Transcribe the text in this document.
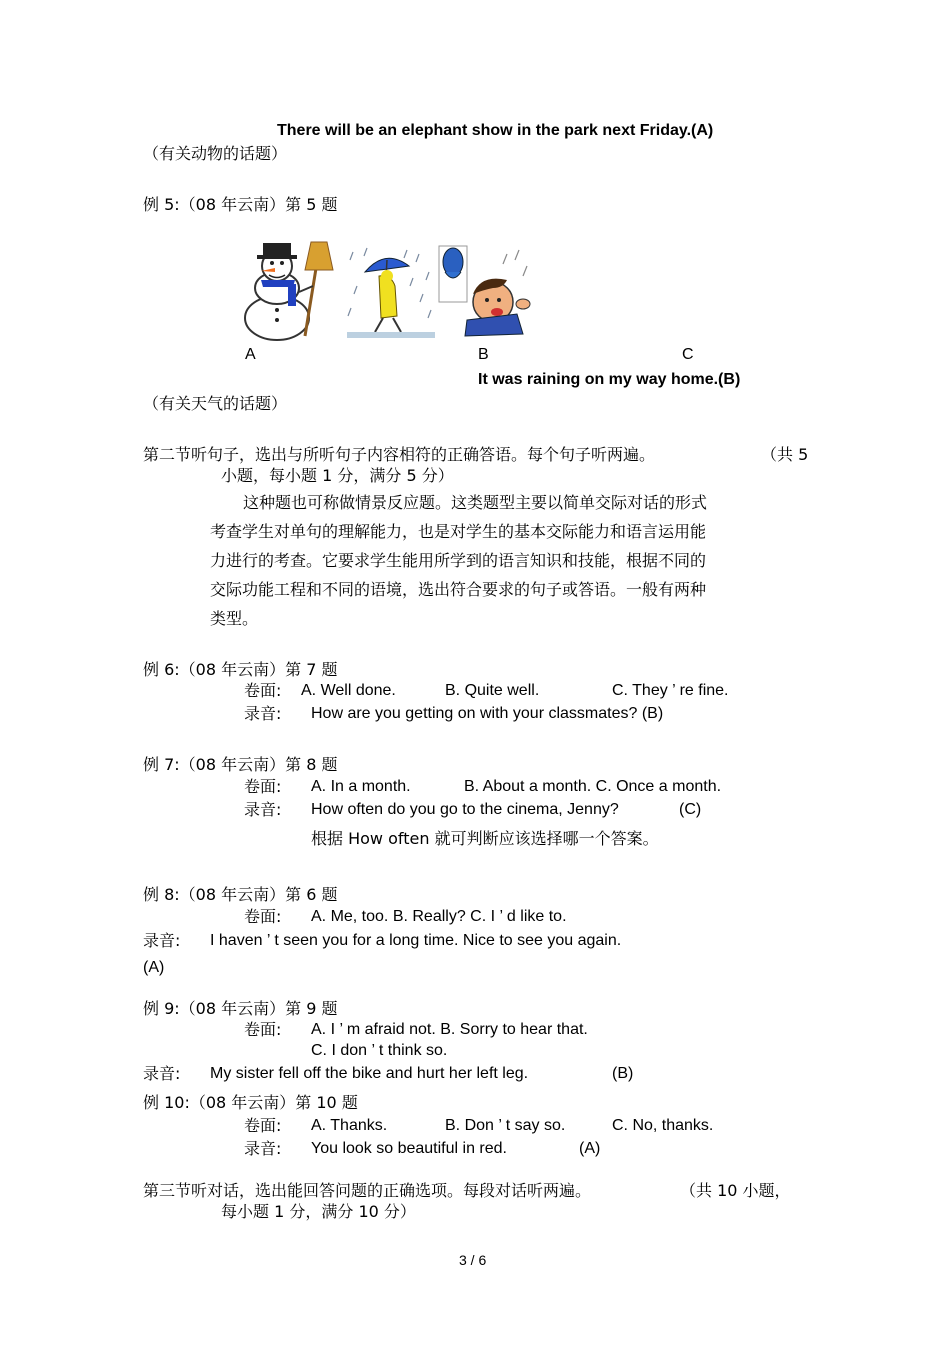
There will be an elephant show in the park next Friday.(A)
（有关动物的话题）
例 5:（08 年云南）第 5 题
A	B	C
It was raining on my way home.(B)
（有关天气的话题）
第二节听句子，选出与所听句子内容相符的正确答语。每个句子听两遍。	（共 5
小题，每小题 1 分，满分 5 分）
这种题也可称做情景反应题。这类题型主要以简单交际对话的形式
考查学生对单句的理解能力，也是对学生的基本交际能力和语言运用能
力进行的考查。它要求学生能用所学到的语言知识和技能，根据不同的
交际功能工程和不同的语境，选出符合要求的句子或答语。一般有两种
类型。
例 6:（08 年云南）第 7 题
卷面: A. Well done.	B. Quite well.	C. They ’ re fine.
录音: How are you getting on with your classmates? (B)
例 7:（08 年云南）第 8 题
卷面: A. In a month.	B. About a month. C. Once a month.
录音: How often do you go to the cinema, Jenny?	(C)
根据 How often 就可判断应该选择哪一个答案。
例 8:（08 年云南）第 6 题
卷面: A. Me, too. B. Really? C. I ’ d like to.
录音: I haven ’ t seen you for a long time. Nice to see you again.
(A)
例 9:（08 年云南）第 9 题
卷面: A. I ’ m afraid not. B. Sorry to hear that.
C. I don ’ t think so.
录音: My sister fell off the bike and hurt her left leg.	(B)
例 10:（08 年云南）第 10 题
卷面: A. Thanks.	B. Don ’ t say so.	C. No, thanks.
录音: You look so beautiful in red.	(A)
第三节听对话，选出能回答问题的正确选项。每段对话听两遍。	（共 10 小题，
每小题 1 分，满分 10 分）
3 / 6
